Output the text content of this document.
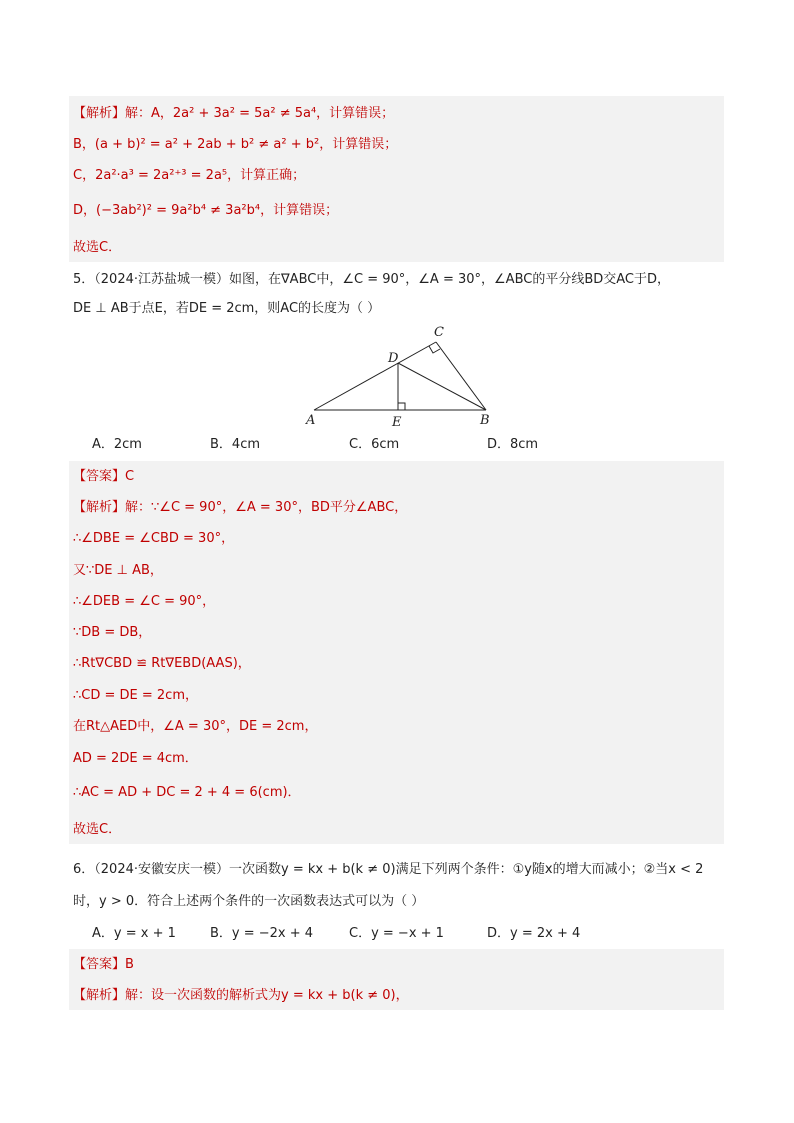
【解析】解：A，2a² + 3a² = 5a² ≠ 5a⁴，计算错误；
B，(a + b)² = a² + 2ab + b² ≠ a² + b²，计算错误；
C，2a²·a³ = 2a²⁺³ = 2a⁵，计算正确；
D，(−3ab²)² = 9a²b⁴ ≠ 3a²b⁴，计算错误；
故选C．
5．（2024·江苏盐城一模）如图，在∇ABC中，∠C = 90°，∠A = 30°，∠ABC的平分线BD交AC于D，
DE ⊥ AB于点E，若DE = 2cm，则AC的长度为（ ）
A	B
C
D
E
A．2cm	B．4cm	C．6cm	D．8cm
【答案】C
【解析】解：∵∠C = 90°，∠A = 30°，BD平分∠ABC，
∴∠DBE = ∠CBD = 30°，
又∵DE ⊥ AB，
∴∠DEB = ∠C = 90°，
∵DB = DB，
∴Rt∇CBD ≌ Rt∇EBD(AAS)，
∴CD = DE = 2cm，
在Rt△AED中，∠A = 30°，DE = 2cm，
AD = 2DE = 4cm．
∴AC = AD + DC = 2 + 4 = 6(cm)．
故选C．
6．（2024·安徽安庆一模）一次函数y = kx + b(k ≠ 0)满足下列两个条件：①y随x的增大而减小；②当x < 2
时，y > 0．符合上述两个条件的一次函数表达式可以为（ ）
A．y = x + 1	B．y = −2x + 4	C．y = −x + 1	D．y = 2x + 4
【答案】B
【解析】解：设一次函数的解析式为y = kx + b(k ≠ 0)，
